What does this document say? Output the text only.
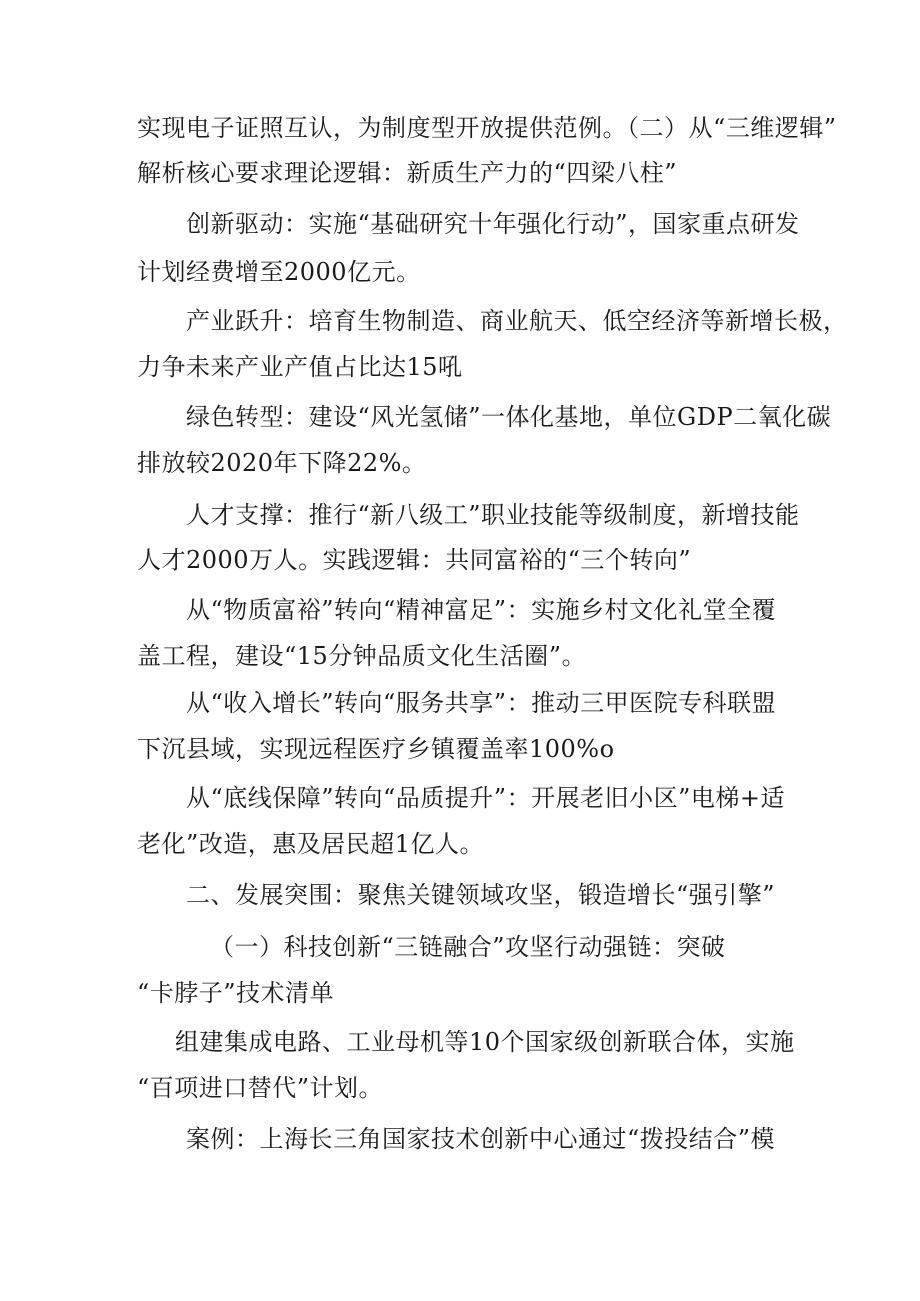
实现电子证照互认，为制度型开放提供范例。（二）从“三维逻辑”
解析核心要求理论逻辑：新质生产力的“四梁八柱”
创新驱动：实施“基础研究十年强化行动”，国家重点研发
计划经费增至2000亿元。
产业跃升：培育生物制造、商业航天、低空经济等新增长极，
力争未来产业产值占比达15吼
绿色转型：建设“风光氢储”一体化基地，单位GDP二氧化碳
排放较2020年下降22%。
人才支撑：推行“新八级工”职业技能等级制度，新增技能
人才2000万人。实践逻辑：共同富裕的“三个转向”
从“物质富裕”转向“精神富足”：实施乡村文化礼堂全覆
盖工程，建设“15分钟品质文化生活圈”。
从“收入增长”转向“服务共享”：推动三甲医院专科联盟
下沉县域，实现远程医疗乡镇覆盖率100%o
从“底线保障”转向“品质提升”：开展老旧小区”电梯+适
老化”改造，惠及居民超1亿人。
二、发展突围：聚焦关键领域攻坚，锻造增长“强引擎”
（一）科技创新“三链融合”攻坚行动强链：突破
“卡脖子”技术清单
组建集成电路、工业母机等10个国家级创新联合体，实施
“百项进口替代”计划。
案例：上海长三角国家技术创新中心通过“拨投结合”模
